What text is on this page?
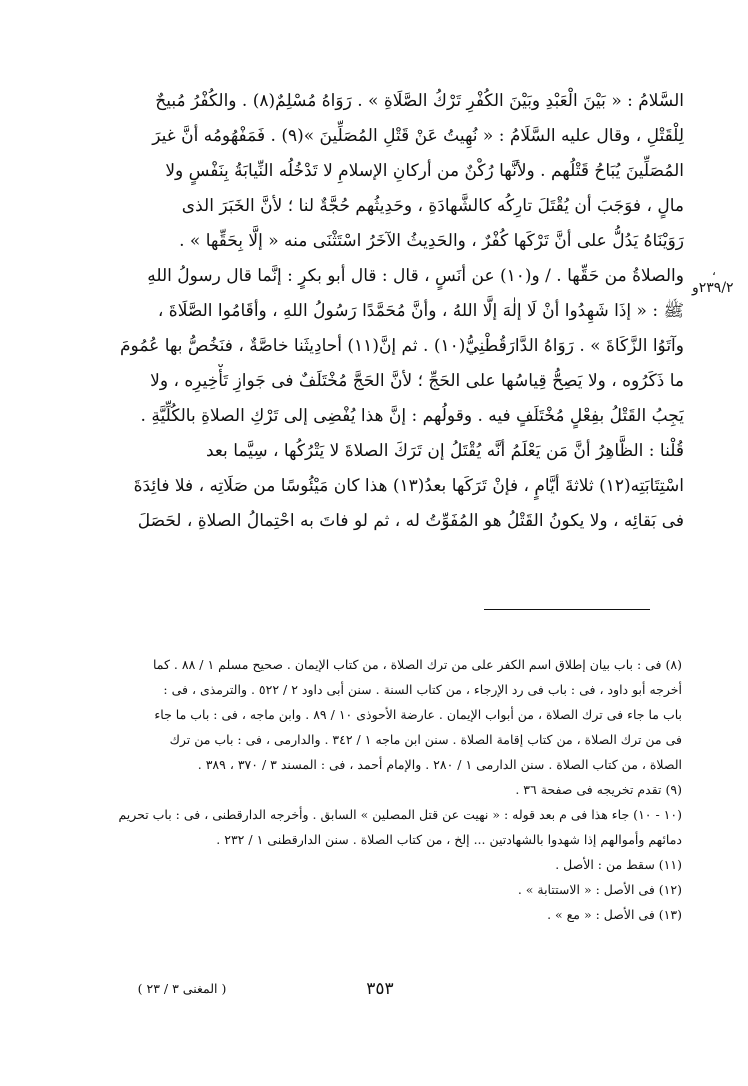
السَّلامُ : « بَيْنَ الْعَبْدِ وبَيْنَ الكُفْرِ تَرْكُ الصَّلَاةِ » . رَوَاهُ مُسْلِمٌ(٨) . والكُفْرُ مُبيحٌ
لِلْقَتْلِ ، وقال عليه السَّلَامُ : « نُهِيتُ عَنْ قَتْلِ المُصَلِّينَ »(٩) . فَمَفْهُومُه أنَّ غيرَ
المُصَلِّينَ يُبَاحُ قَتْلُهم . ولأنَّها رُكْنٌ من أركانِ الإسلامِ لا تَدْخُلُه النِّيابَةُ بِنَفْسٍ ولا
مالٍ ، فوَجَبَ أن يُقْتَلَ تارِكُه كالشَّهادَةِ ، وحَدِيثُهم حُجَّةٌ لنا ؛ لأنَّ الخَبَرَ الذى
رَوَيْنَاهُ يَدُلُّ على أنَّ تَرْكَها كُفْرٌ ، والحَدِيثُ الآخَرُ اسْتَثْنَى منه « إلَّا بِحَقِّها » .
والصلاةُ من حَقِّها . / و(١٠) عن أنَسٍ ، قال : قال أبو بكرٍ : إنَّما قال رسولُ اللهِ
ﷺ : « إذَا شَهِدُوا أنْ لَا إلٰهَ إلَّا اللهُ ، وأنَّ مُحَمَّدًا رَسُولُ اللهِ ، وأقَامُوا الصَّلَاةَ ،
وآتَوُا الزَّكَاةَ » . رَوَاهُ الدَّارَقُطْنِيُّ(١٠) . ثم إنَّ(١١) أحادِيثَنا خاصَّةٌ ، فنَخُصُّ بها عُمُومَ
ما ذَكَرُوه ، ولا يَصِحُّ قِياسُها على الحَجِّ ؛ لأنَّ الحَجَّ مُخْتَلَفٌ فى جَوازِ تَأْخِيرِه ، ولا
يَجِبُ القَتْلُ بفِعْلٍ مُخْتَلَفٍ فيه . وقولُهم : إنَّ هذا يُفْضِى إلى تَرْكِ الصلاةِ بالكُلِّيَّةِ .
قُلْنا : الظَّاهِرُ أنَّ مَن يَعْلَمُ أنَّه يُقْتَلُ إن تَرَكَ الصلاةَ لا يَتْرُكُها ، سِيَّما بعد
اسْتِتَابَتِه(١٢) ثلاثةَ أيَّامٍ ، فإنْ تَرَكَها بعدُ(١٣) هذا كان مَيْئُوسًا من صَلَاتِه ، فلا فائِدَةَ
فى بَقائِه ، ولا يكونُ القَتْلُ هو المُفَوِّتُ له ، ثم لو فاتَ به احْتِمالُ الصلاةِ ، لحَصَلَ
،
٢٣٩/٢و
(٨) فى : باب بيان إطلاق اسم الكفر على من ترك الصلاة ، من كتاب الإيمان . صحيح مسلم ١ / ٨٨ . كما
أخرجه أبو داود ، فى : باب فى رد الإرجاء ، من كتاب السنة . سنن أبى داود ٢ / ٥٢٢ . والترمذى ، فى :
باب ما جاء فى ترك الصلاة ، من أبواب الإيمان . عارضة الأحوذى ١٠ / ٨٩ . وابن ماجه ، فى : باب ما جاء
فى من ترك الصلاة ، من كتاب إقامة الصلاة . سنن ابن ماجه ١ / ٣٤٢ . والدارمى ، فى : باب من ترك
الصلاة ، من كتاب الصلاة . سنن الدارمى ١ / ٢٨٠ . والإمام أحمد ، فى : المسند ٣ / ٣٧٠ ، ٣٨٩ .
(٩) تقدم تخريجه فى صفحة ٣٦ .
(١٠ - ١٠) جاء هذا فى م بعد قوله : « نهيت عن قتل المصلين » السابق . وأخرجه الدارقطنى ، فى : باب تحريم
دمائهم وأموالهم إذا شهدوا بالشهادتين ... إلخ ، من كتاب الصلاة . سنن الدارقطنى ١ / ٢٣٢ .
(١١) سقط من : الأصل .
(١٢) فى الأصل : « الاستتابة » .
(١٣) فى الأصل : « مع » .
٣٥٣
( المغنى ٣ / ٢٣ )
